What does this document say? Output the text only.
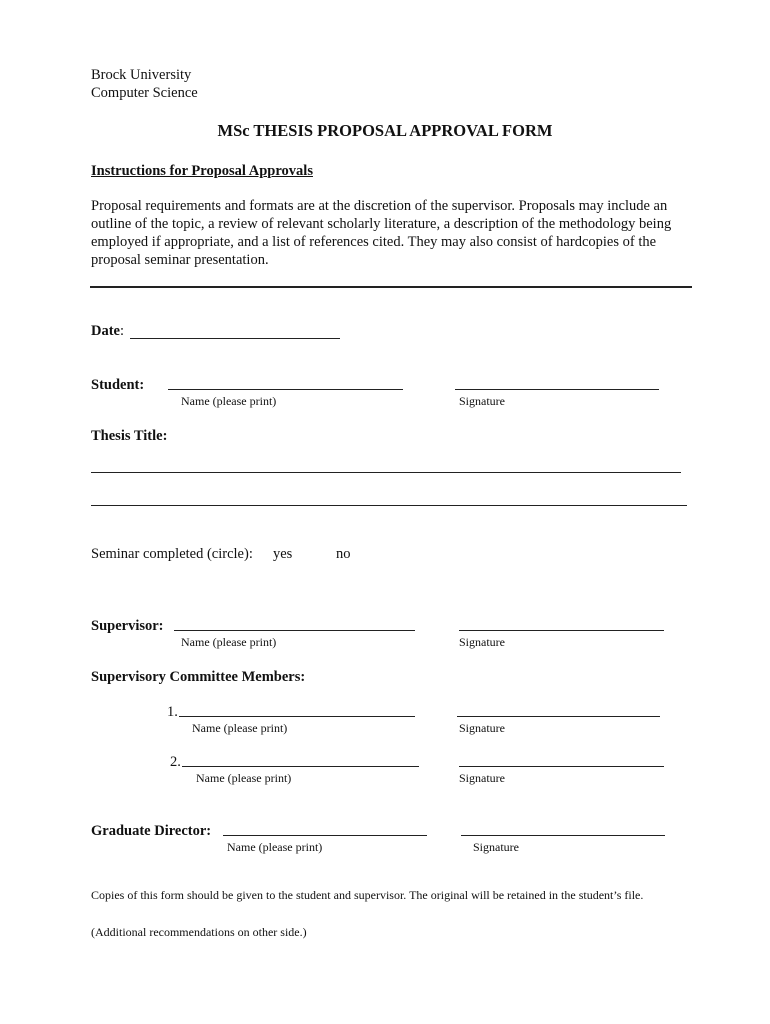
Brock University
Computer Science
MSc THESIS PROPOSAL APPROVAL FORM
Instructions for Proposal Approvals
Proposal requirements and formats are at the discretion of the supervisor. Proposals may include an outline of the topic, a review of relevant scholarly literature, a description of the methodology being employed if appropriate, and a list of references cited. They may also consist of hardcopies of the proposal seminar presentation.
Date:
Student:
Name (please print)	Signature
Thesis Title:
Seminar completed (circle): yes	no
Supervisor:
Name (please print)	Signature
Supervisory Committee Members:
1.
Name (please print)	Signature
2.
Name (please print)	Signature
Graduate Director:
Name (please print)	Signature
Copies of this form should be given to the student and supervisor. The original will be retained in the student’s file.
(Additional recommendations on other side.)
